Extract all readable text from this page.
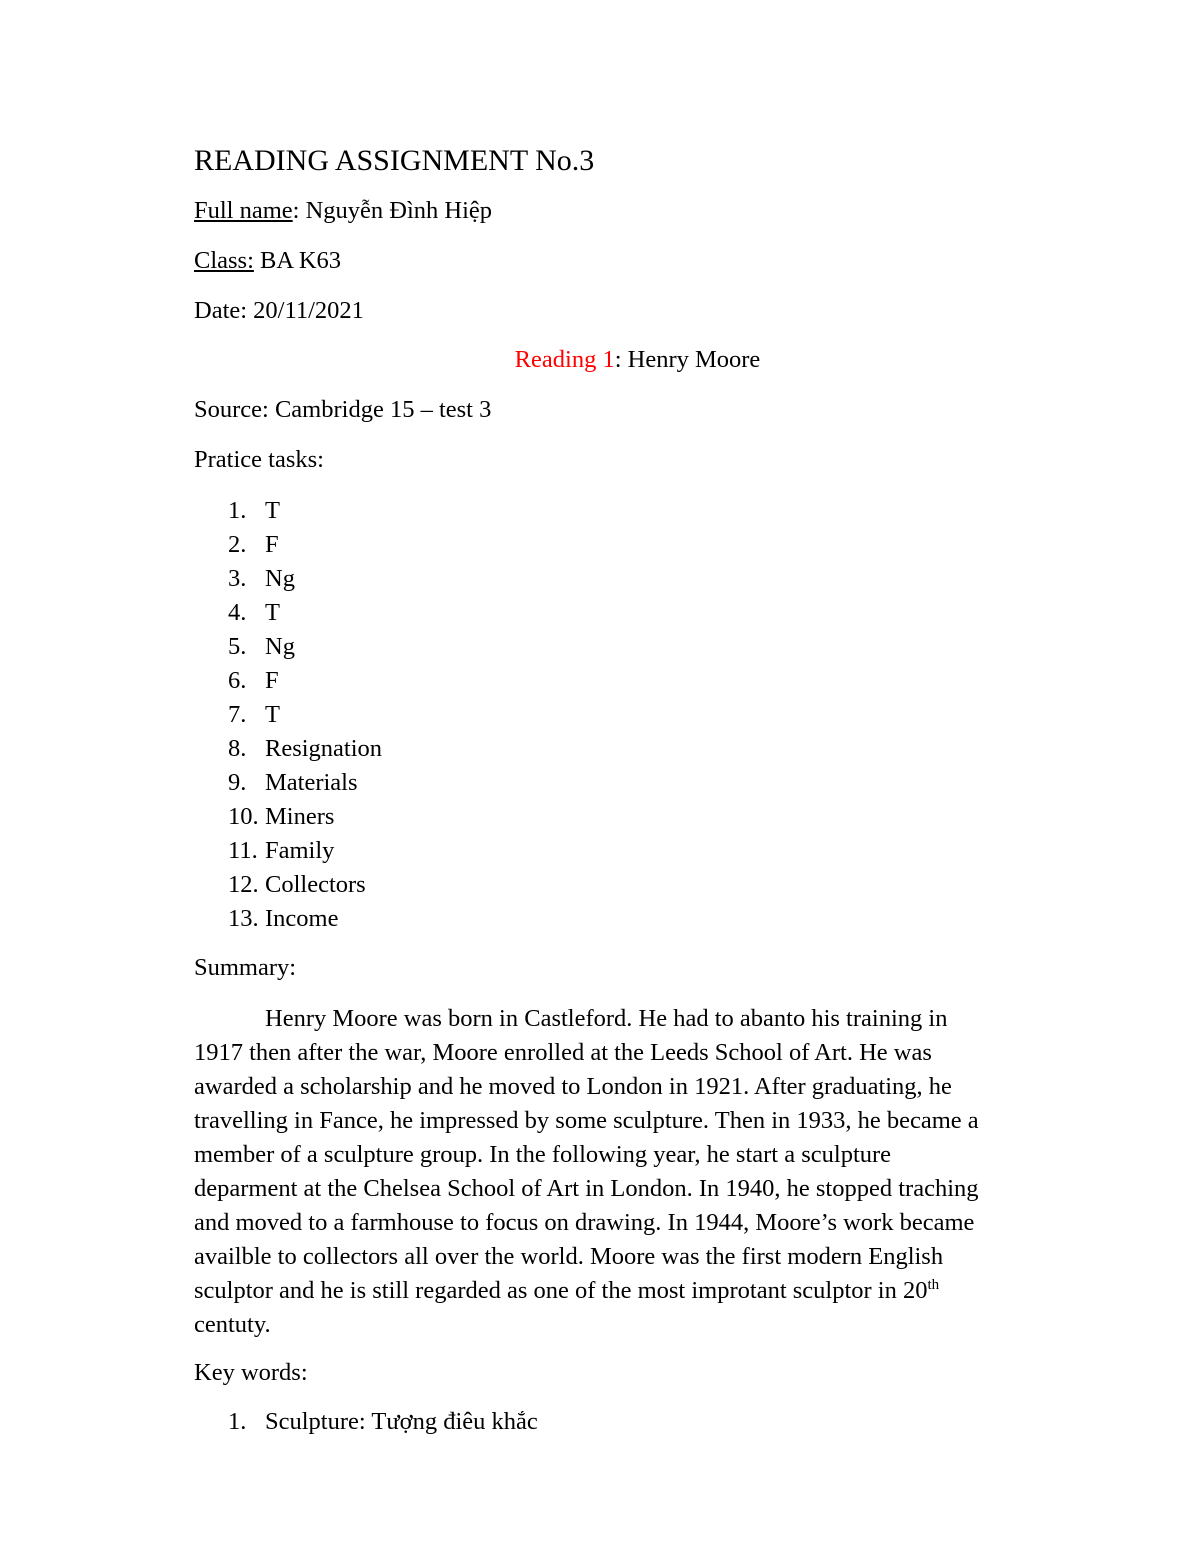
READING ASSIGNMENT No.3
Full name: Nguyễn Đình Hiệp
Class: BA K63
Date: 20/11/2021
Reading 1: Henry Moore
Source: Cambridge 15 – test 3
Pratice tasks:
1. T
2. F
3. Ng
4. T
5. Ng
6. F
7. T
8. Resignation
9. Materials
10. Miners
11. Family
12. Collectors
13. Income
Summary:
Henry Moore was born in Castleford. He had to abanto his training in
1917 then after the war, Moore enrolled at the Leeds School of Art. He was
awarded a scholarship and he moved to London in 1921. After graduating, he
travelling in Fance, he impressed by some sculpture. Then in 1933, he became a
member of a sculpture group. In the following year, he start a sculpture
deparment at the Chelsea School of Art in London. In 1940, he stopped traching
and moved to a farmhouse to focus on drawing. In 1944, Moore’s work became
availble to collectors all over the world. Moore was the first modern English
sculptor and he is still regarded as one of the most improtant sculptor in 20th
centuty.
Key words:
1. Sculpture: Tượng điêu khắc
